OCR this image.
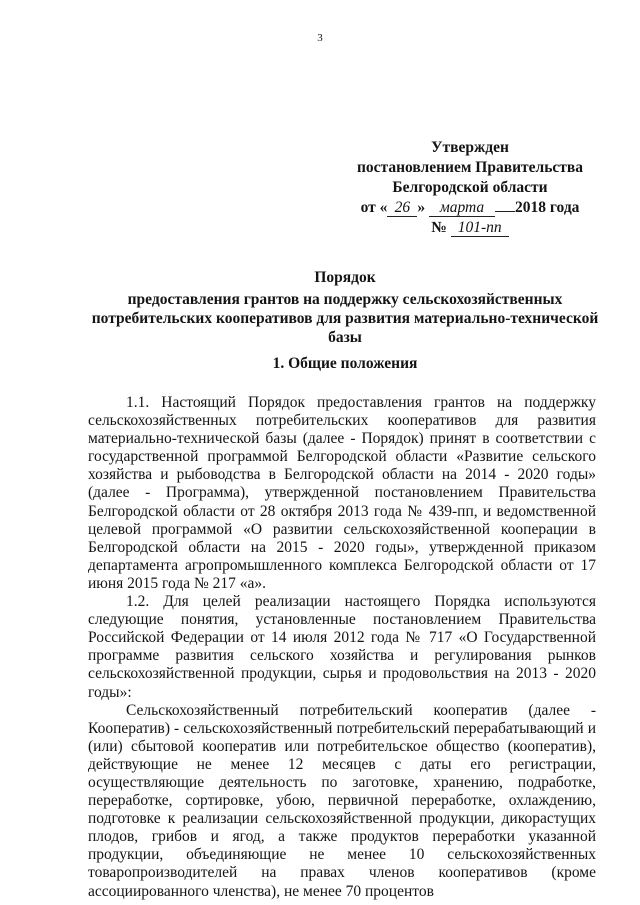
3
Утвержден
постановлением Правительства
Белгородской области
от « 26 » марта 2018 года
№ 101-пп
Порядок
предоставления грантов на поддержку сельскохозяйственных потребительских кооперативов для развития материально-технической базы
1. Общие положения

1.1. Настоящий Порядок предоставления грантов на поддержку сельскохозяйственных потребительских кооперативов для развития материально-технической базы (далее - Порядок) принят в соответствии с государственной программой Белгородской области «Развитие сельского хозяйства и рыбоводства в Белгородской области на 2014 - 2020 годы» (далее - Программа), утвержденной постановлением Правительства Белгородской области от 28 октября 2013 года № 439-пп, и ведомственной целевой программой «О развитии сельскохозяйственной кооперации в Белгородской области на 2015 - 2020 годы», утвержденной приказом департамента агропромышленного комплекса Белгородской области от 17 июня 2015 года № 217 «а».

1.2. Для целей реализации настоящего Порядка используются следующие понятия, установленные постановлением Правительства Российской Федерации от 14 июля 2012 года № 717 «О Государственной программе развития сельского хозяйства и регулирования рынков сельскохозяйственной продукции, сырья и продовольствия на 2013 - 2020 годы»:

Сельскохозяйственный потребительский кооператив (далее - Кооператив) - сельскохозяйственный потребительский перерабатывающий и (или) сбытовой кооператив или потребительское общество (кооператив), действующие не менее 12 месяцев с даты его регистрации, осуществляющие деятельность по заготовке, хранению, подработке, переработке, сортировке, убою, первичной переработке, охлаждению, подготовке к реализации сельскохозяйственной продукции, дикорастущих плодов, грибов и ягод, а также продуктов переработки указанной продукции, объединяющие не менее 10 сельскохозяйственных товаропроизводителей на правах членов кооперативов (кроме ассоциированного членства), не менее 70 процентов
